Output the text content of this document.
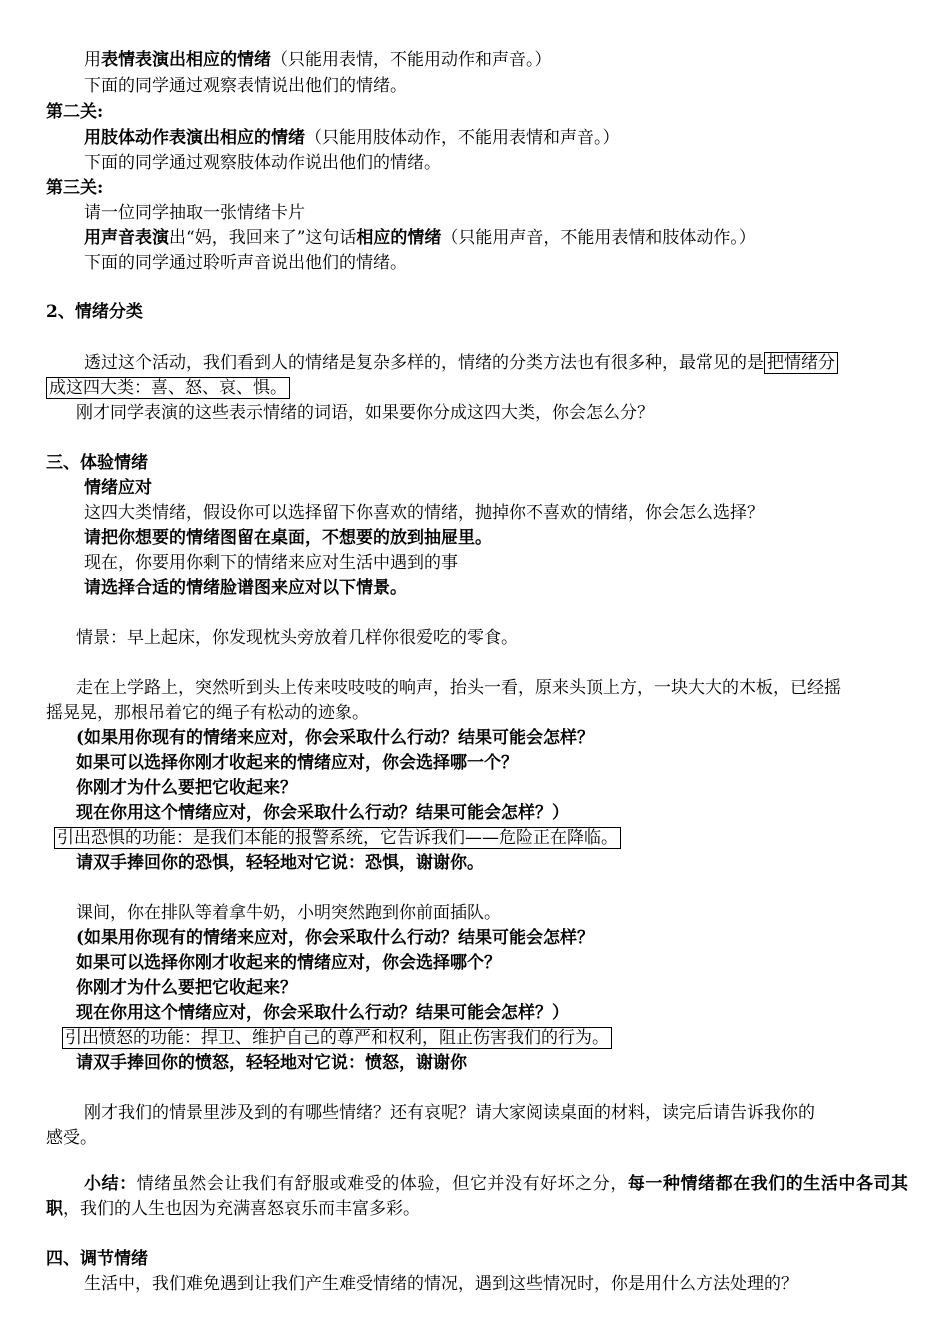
用表情表演出相应的情绪（只能用表情，不能用动作和声音。）
下面的同学通过观察表情说出他们的情绪。
第二关:
用肢体动作表演出相应的情绪（只能用肢体动作，不能用表情和声音。）
下面的同学通过观察肢体动作说出他们的情绪。
第三关:
请一位同学抽取一张情绪卡片
用声音表演出“妈，我回来了”这句话相应的情绪（只能用声音，不能用表情和肢体动作。）
下面的同学通过聆听声音说出他们的情绪。
2、情绪分类
透过这个活动，我们看到人的情绪是复杂多样的，情绪的分类方法也有很多种，最常见的是 把情绪分
成这四大类：喜、怒、哀、惧。
刚才同学表演的这些表示情绪的词语，如果要你分成这四大类，你会怎么分？
三、体验情绪
情绪应对
这四大类情绪，假设你可以选择留下你喜欢的情绪，抛掉你不喜欢的情绪，你会怎么选择？
请把你想要的情绪图留在桌面，不想要的放到抽屉里。
现在，你要用你剩下的情绪来应对生活中遇到的事
请选择合适的情绪脸谱图来应对以下情景。
情景：早上起床，你发现枕头旁放着几样你很爱吃的零食。
走在上学路上，突然听到头上传来吱吱吱的响声，抬头一看，原来头顶上方，一块大大的木板，已经摇
摇晃晃，那根吊着它的绳子有松动的迹象。
(如果用你现有的情绪来应对，你会采取什么行动？结果可能会怎样？
如果可以选择你刚才收起来的情绪应对，你会选择哪一个？
你刚才为什么要把它收起来？
现在你用这个情绪应对，你会采取什么行动？结果可能会怎样？）
引出恐惧的功能：是我们本能的报警系统，它告诉我们——危险正在降临。
请双手捧回你的恐惧，轻轻地对它说：恐惧，谢谢你。
课间，你在排队等着拿牛奶，小明突然跑到你前面插队。
(如果用你现有的情绪来应对，你会采取什么行动？结果可能会怎样？
如果可以选择你刚才收起来的情绪应对，你会选择哪个？
你刚才为什么要把它收起来？
现在你用这个情绪应对，你会采取什么行动？结果可能会怎样？）
引出愤怒的功能：捍卫、维护自己的尊严和权利，阻止伤害我们的行为。
请双手捧回你的愤怒，轻轻地对它说：愤怒，谢谢你
刚才我们的情景里涉及到的有哪些情绪？还有哀呢？请大家阅读桌面的材料，读完后请告诉我你的
感受。
小结：情绪虽然会让我们有舒服或难受的体验，但它并没有好坏之分，每一种情绪都在我们的生活中各司其职，我们的人生也因为充满喜怒哀乐而丰富多彩。
四、调节情绪
生活中，我们难免遇到让我们产生难受情绪的情况，遇到这些情况时，你是用什么方法处理的？
